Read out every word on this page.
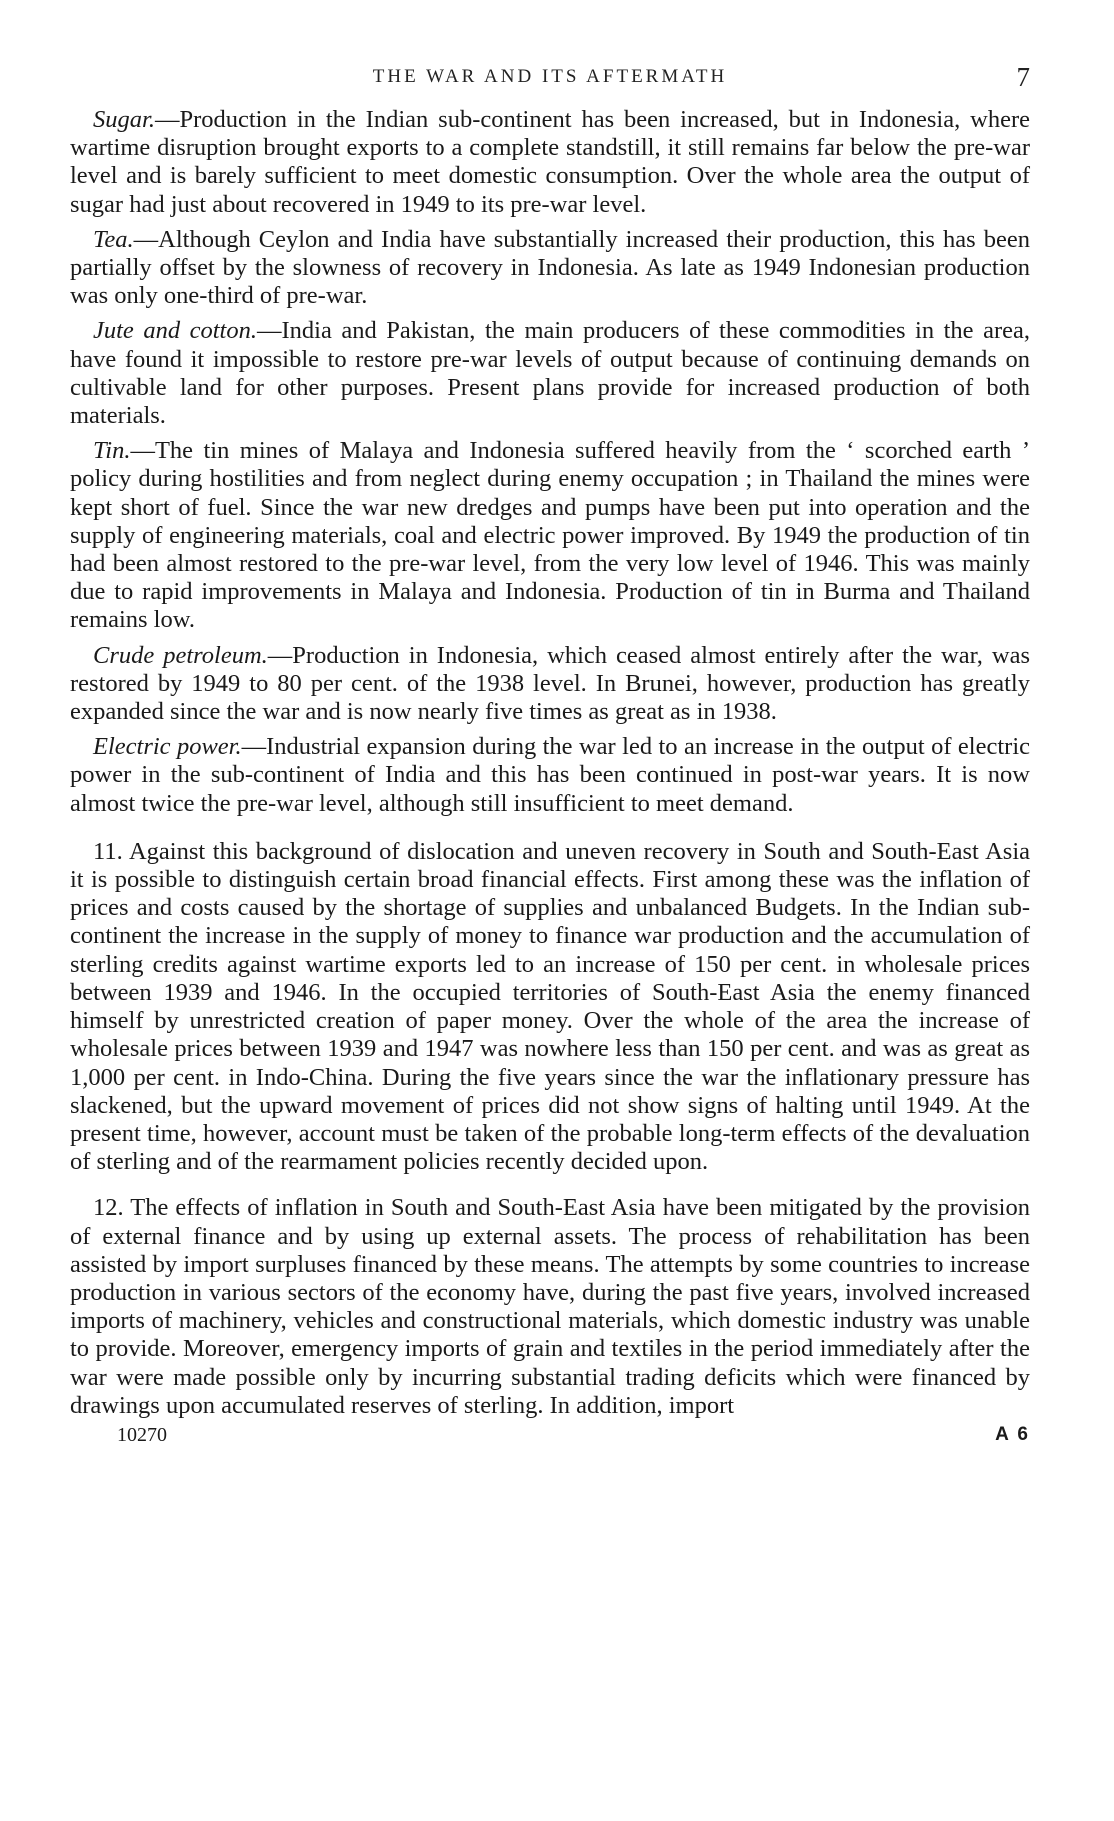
THE WAR AND ITS AFTERMATH	7

Sugar.—Production in the Indian sub-continent has been increased, but in Indonesia, where wartime disruption brought exports to a complete standstill, it still remains far below the pre-war level and is barely sufficient to meet domestic consumption. Over the whole area the output of sugar had just about recovered in 1949 to its pre-war level.

Tea.—Although Ceylon and India have substantially increased their production, this has been partially offset by the slowness of recovery in Indonesia. As late as 1949 Indonesian production was only one-third of pre-war.

Jute and cotton.—India and Pakistan, the main producers of these commodities in the area, have found it impossible to restore pre-war levels of output because of continuing demands on cultivable land for other purposes. Present plans provide for increased production of both materials.

Tin.—The tin mines of Malaya and Indonesia suffered heavily from the ‘ scorched earth ’ policy during hostilities and from neglect during enemy occupation ; in Thailand the mines were kept short of fuel. Since the war new dredges and pumps have been put into operation and the supply of engineering materials, coal and electric power improved. By 1949 the production of tin had been almost restored to the pre-war level, from the very low level of 1946. This was mainly due to rapid improvements in Malaya and Indonesia. Production of tin in Burma and Thailand remains low.

Crude petroleum.—Production in Indonesia, which ceased almost entirely after the war, was restored by 1949 to 80 per cent. of the 1938 level. In Brunei, however, production has greatly expanded since the war and is now nearly five times as great as in 1938.

Electric power.—Industrial expansion during the war led to an increase in the output of electric power in the sub-continent of India and this has been continued in post-war years. It is now almost twice the pre-war level, although still insufficient to meet demand.

11. Against this background of dislocation and uneven recovery in South and South-East Asia it is possible to distinguish certain broad financial effects. First among these was the inflation of prices and costs caused by the shortage of supplies and unbalanced Budgets. In the Indian sub-continent the increase in the supply of money to finance war production and the accumulation of sterling credits against wartime exports led to an increase of 150 per cent. in wholesale prices between 1939 and 1946. In the occupied territories of South-East Asia the enemy financed himself by unrestricted creation of paper money. Over the whole of the area the increase of wholesale prices between 1939 and 1947 was nowhere less than 150 per cent. and was as great as 1,000 per cent. in Indo-China. During the five years since the war the inflationary pressure has slackened, but the upward movement of prices did not show signs of halting until 1949. At the present time, however, account must be taken of the probable long-term effects of the devaluation of sterling and of the rearmament policies recently decided upon.

12. The effects of inflation in South and South-East Asia have been mitigated by the provision of external finance and by using up external assets. The process of rehabilitation has been assisted by import surpluses financed by these means. The attempts by some countries to increase production in various sectors of the economy have, during the past five years, involved increased imports of machinery, vehicles and constructional materials, which domestic industry was unable to provide. Moreover, emergency imports of grain and textiles in the period immediately after the war were made possible only by incurring substantial trading deficits which were financed by drawings upon accumulated reserves of sterling. In addition, import

10270	A 6
